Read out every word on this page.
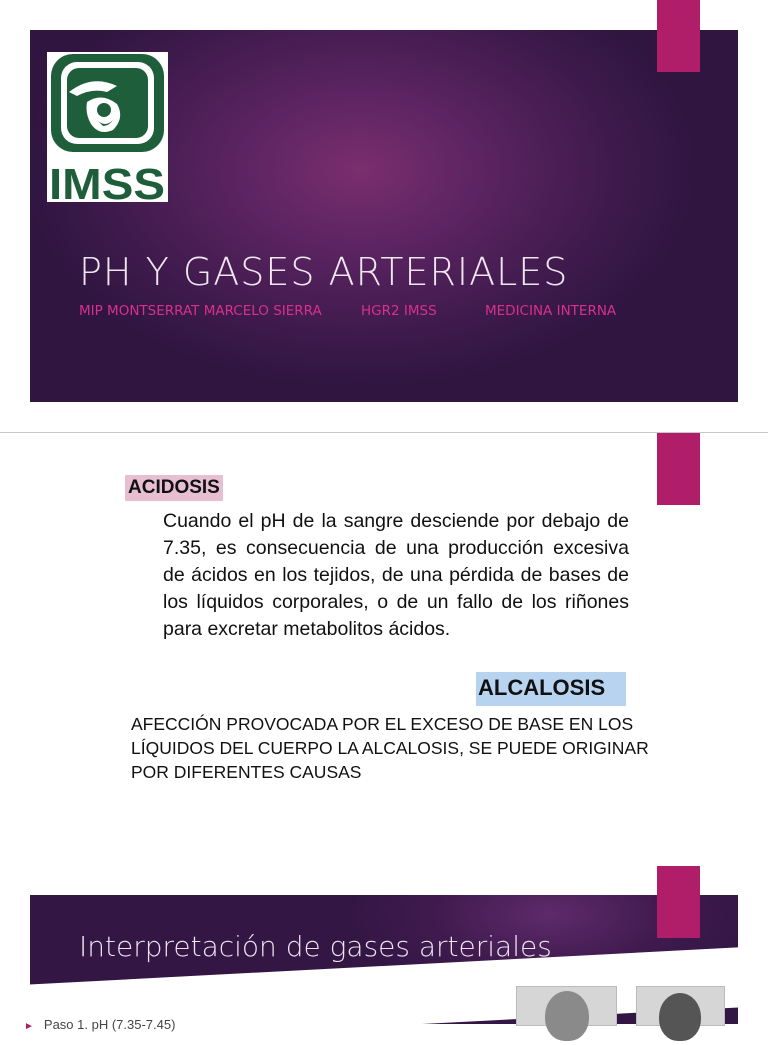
IMSS
PH Y GASES ARTERIALES
MIP MONTSERRAT MARCELO SIERRA	HGR2 IMSS	MEDICINA INTERNA
ACIDOSIS
Cuando el pH de la sangre desciende por debajo de 7.35, es consecuencia de una producción excesiva de ácidos en los tejidos, de una pérdida de bases de los líquidos corporales, o de un fallo de los riñones para excretar metabolitos ácidos.
ALCALOSIS
AFECCIÓN PROVOCADA POR EL EXCESO DE BASE EN LOS LÍQUIDOS DEL CUERPO LA ALCALOSIS, SE PUEDE ORIGINAR POR DIFERENTES CAUSAS
Interpretación de gases arteriales
► Paso 1. pH (7.35-7.45)
